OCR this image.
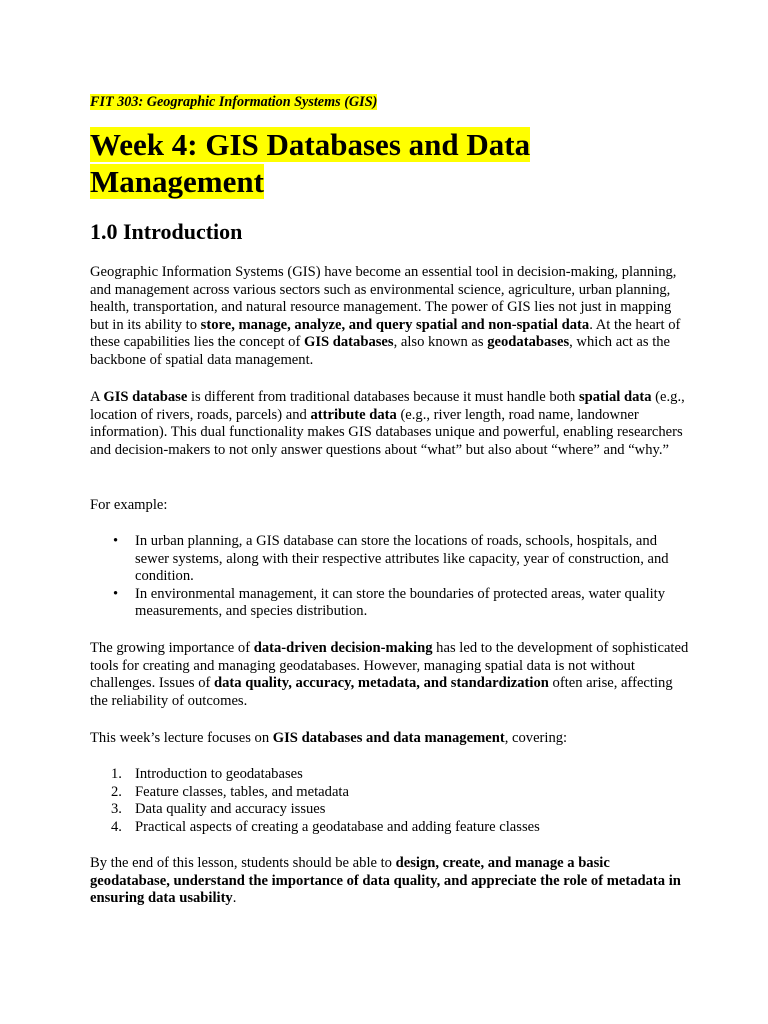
FIT 303: Geographic Information Systems (GIS)
Week 4: GIS Databases and Data Management
1.0 Introduction

Geographic Information Systems (GIS) have become an essential tool in decision-making, planning, and management across various sectors such as environmental science, agriculture, urban planning, health, transportation, and natural resource management. The power of GIS lies not just in mapping but in its ability to store, manage, analyze, and query spatial and non-spatial data. At the heart of these capabilities lies the concept of GIS databases, also known as geodatabases, which act as the backbone of spatial data management.

A GIS database is different from traditional databases because it must handle both spatial data (e.g., location of rivers, roads, parcels) and attribute data (e.g., river length, road name, landowner information). This dual functionality makes GIS databases unique and powerful, enabling researchers and decision-makers to not only answer questions about “what” but also about “where” and “why.”

For example:

• In urban planning, a GIS database can store the locations of roads, schools, hospitals, and sewer systems, along with their respective attributes like capacity, year of construction, and condition.
• In environmental management, it can store the boundaries of protected areas, water quality measurements, and species distribution.

The growing importance of data-driven decision-making has led to the development of sophisticated tools for creating and managing geodatabases. However, managing spatial data is not without challenges. Issues of data quality, accuracy, metadata, and standardization often arise, affecting the reliability of outcomes.

This week’s lecture focuses on GIS databases and data management, covering:

1. Introduction to geodatabases
2. Feature classes, tables, and metadata
3. Data quality and accuracy issues
4. Practical aspects of creating a geodatabase and adding feature classes

By the end of this lesson, students should be able to design, create, and manage a basic geodatabase, understand the importance of data quality, and appreciate the role of metadata in ensuring data usability.
